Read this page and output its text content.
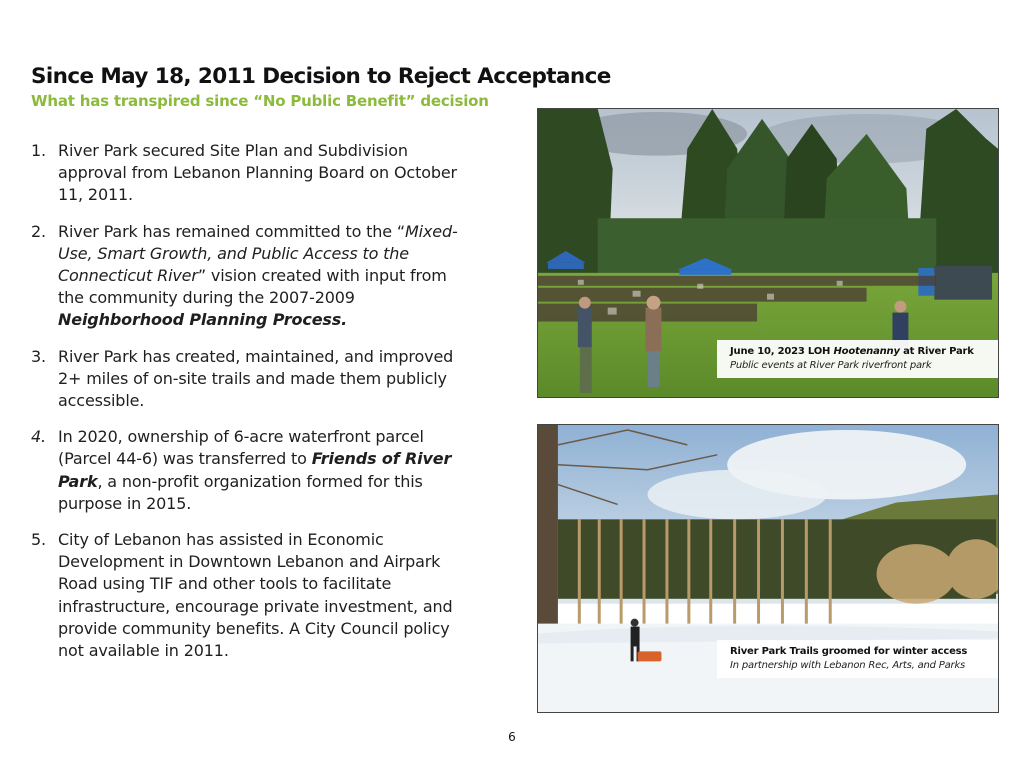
Since May 18, 2011 Decision to Reject Acceptance
What has transpired since “No Public Benefit” decision
1. River Park secured Site Plan and Subdivision approval from Lebanon Planning Board on October 11, 2011.
2. River Park has remained committed to the “Mixed-Use, Smart Growth, and Public Access to the Connecticut River” vision created with input from the community during the 2007-2009 Neighborhood Planning Process.
3. River Park has created, maintained, and improved 2+ miles of on-site trails and made them publicly accessible.
4. In 2020, ownership of 6-acre waterfront parcel (Parcel 44-6) was transferred to Friends of River Park, a non-profit organization formed for this purpose in 2015.
5. City of Lebanon has assisted in Economic Development in Downtown Lebanon and Airpark Road using TIF and other tools to facilitate infrastructure, encourage private investment, and provide community benefits. A City Council policy not available in 2011.
June 10, 2023 LOH Hootenanny at River Park
Public events at River Park riverfront park
River Park Trails groomed for winter access
In partnership with Lebanon Rec, Arts, and Parks
6
